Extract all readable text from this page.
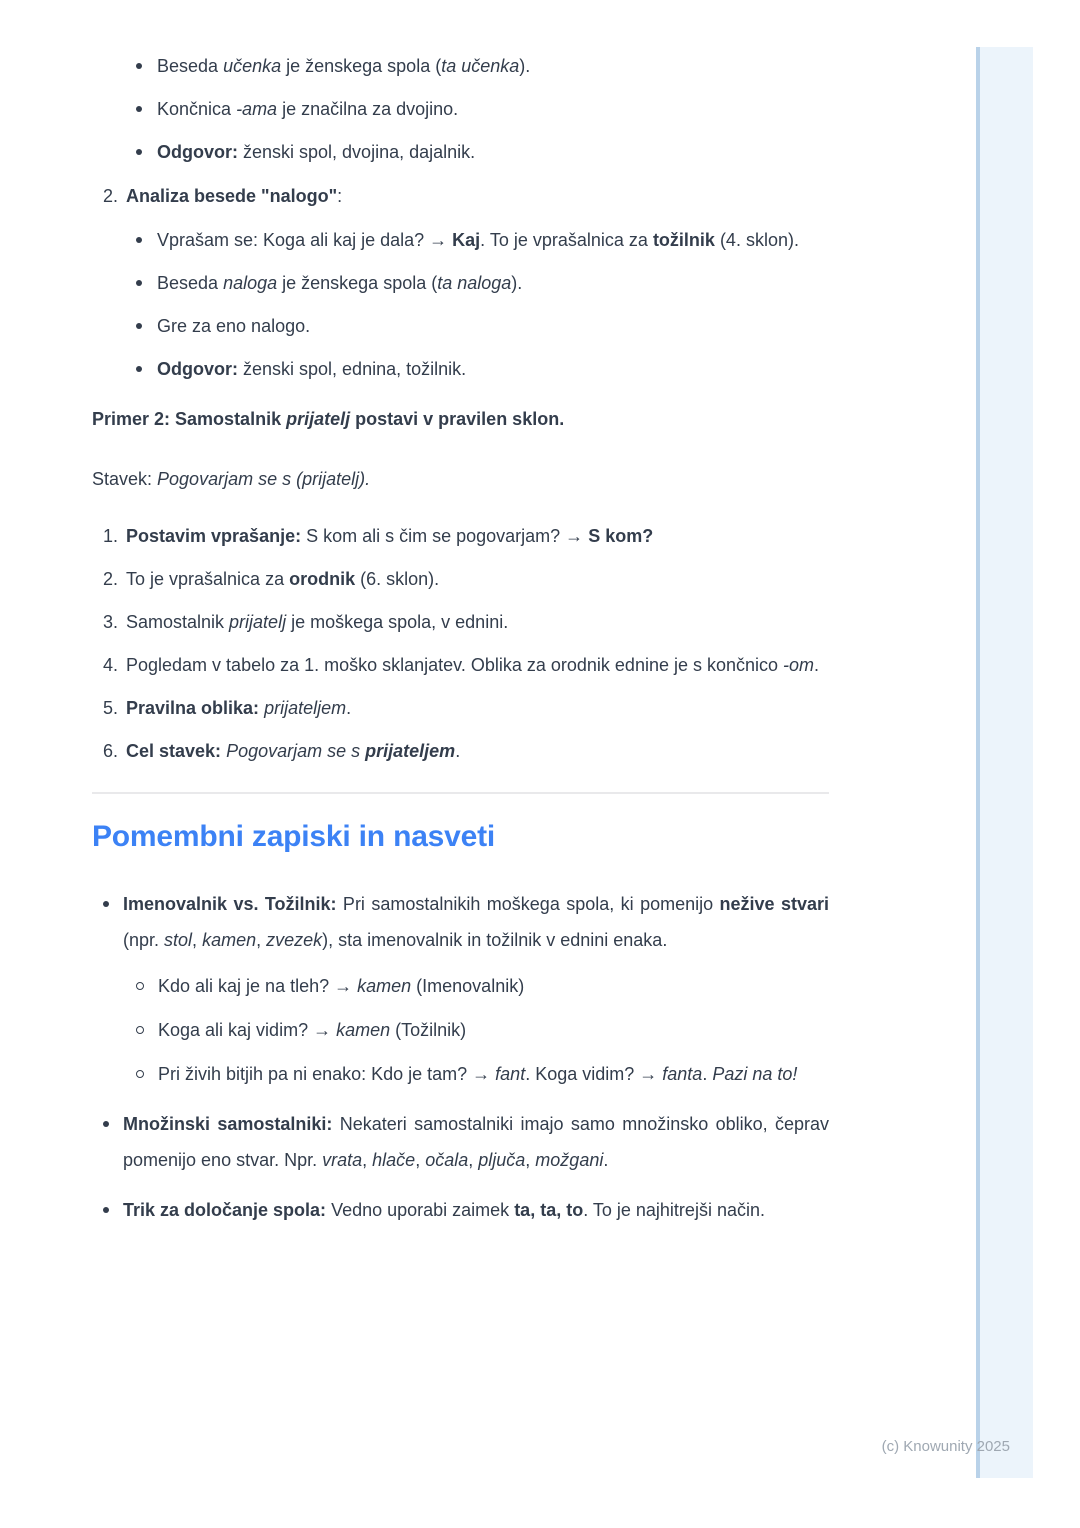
Beseda učenka je ženskega spola (ta učenka).
Končnica -ama je značilna za dvojino.
Odgovor: ženski spol, dvojina, dajalnik.
2. Analiza besede "nalogo":
Vprašam se: Koga ali kaj je dala? → Kaj. To je vprašalnica za tožilnik (4. sklon).
Beseda naloga je ženskega spola (ta naloga).
Gre za eno nalogo.
Odgovor: ženski spol, ednina, tožilnik.

Primer 2: Samostalnik prijatelj postavi v pravilen sklon.

Stavek: Pogovarjam se s (prijatelj).

1. Postavim vprašanje: S kom ali s čim se pogovarjam? → S kom?
2. To je vprašalnica za orodnik (6. sklon).
3. Samostalnik prijatelj je moškega spola, v ednini.
4. Pogledam v tabelo za 1. moško sklanjatev. Oblika za orodnik ednine je s končnico -om.
5. Pravilna oblika: prijateljem.
6. Cel stavek: Pogovarjam se s prijateljem.
Pomembni zapiski in nasveti
Imenovalnik vs. Tožilnik: Pri samostalnikih moškega spola, ki pomenijo nežive stvari (npr. stol, kamen, zvezek), sta imenovalnik in tožilnik v ednini enaka.
Kdo ali kaj je na tleh? → kamen (Imenovalnik)
Koga ali kaj vidim? → kamen (Tožilnik)
Pri živih bitjih pa ni enako: Kdo je tam? → fant. Koga vidim? → fanta. Pazi na to!
Množinski samostalniki: Nekateri samostalniki imajo samo množinsko obliko, čeprav pomenijo eno stvar. Npr. vrata, hlače, očala, pljuča, možgani.
Trik za določanje spola: Vedno uporabi zaimek ta, ta, to. To je najhitrejši način.
(c) Knowunity 2025
